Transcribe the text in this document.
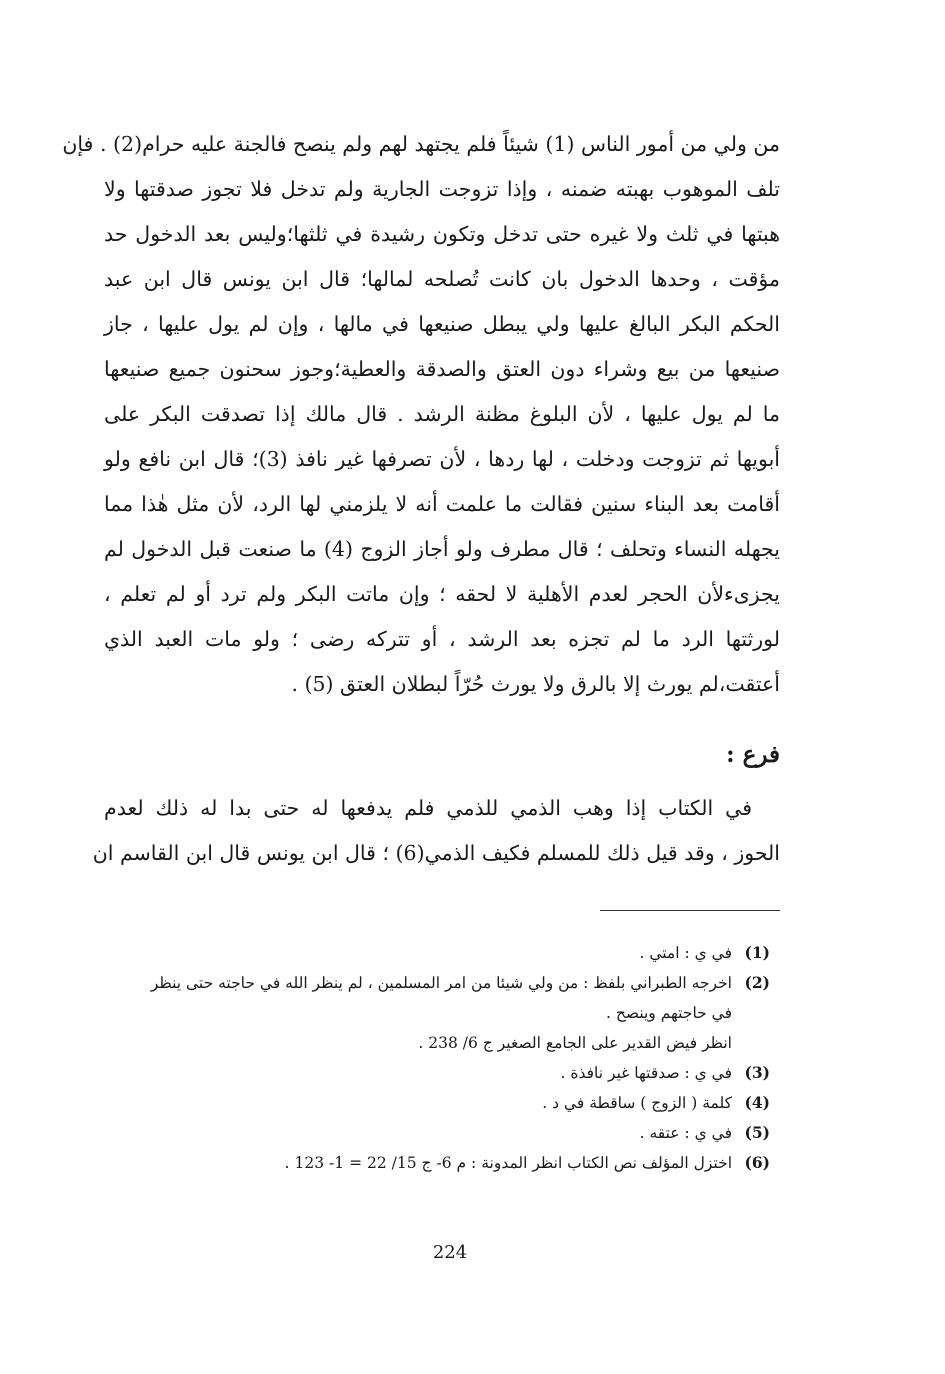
من ولي من أمور الناس (1) شيئاً فلم يجتهد لهم ولم ينصح فالجنة عليه حرام(2) . فإن
تلف الموهوب بهبته ضمنه ، وإذا تزوجت الجارية ولم تدخل فلا تجوز صدقتها ولا
هبتها في ثلث ولا غيره حتى تدخل وتكون رشيدة في ثلثها؛وليس بعد الدخول حد
مؤقت ، وحدها الدخول بان كانت تُصلحه لمالها؛ قال ابن يونس قال ابن عبد
الحكم البكر البالغ عليها ولي يبطل صنيعها في مالها ، وإن لم يول عليها ، جاز
صنيعها من بيع وشراء دون العتق والصدقة والعطية؛وجوز سحنون جميع صنيعها
ما لم يول عليها ، لأن البلوغ مظنة الرشد . قال مالك إذا تصدقت البكر على
أبويها ثم تزوجت ودخلت ، لها ردها ، لأن تصرفها غير نافذ (3)؛ قال ابن نافع ولو
أقامت بعد البناء سنين فقالت ما علمت أنه لا يلزمني لها الرد، لأن مثل هٰذا مما
يجهله النساء وتحلف ؛ قال مطرف ولو أجاز الزوج (4) ما صنعت قبل الدخول لم
يجزىءلأن الحجر لعدم الأهلية لا لحقه ؛ وإن ماتت البكر ولم ترد أو لم تعلم ،
لورثتها الرد ما لم تجزه بعد الرشد ، أو تتركه رضى ؛ ولو مات العبد الذي
أعتقت،لم يورث إلا بالرق ولا يورث حُرّاً لبطلان العتق (5) .
فرع :
في الكتاب إذا وهب الذمي للذمي فلم يدفعها له حتى بدا له ذلك لعدم
الحوز ، وقد قيل ذلك للمسلم فكيف الذمي(6) ؛ قال ابن يونس قال ابن القاسم ان
(1)
في ي : امتي .
(2)
اخرجه الطبراني بلفظ : من ولي شيئا من امر المسلمين ، لم ينظر الله في حاجته حتى ينظر
في حاجتهم وينصح .
انظر فيض القدير على الجامع الصغير ج 6/ 238 .
(3)
في ي : صدقتها غير نافذة .
(4)
كلمة ( الزوج ) ساقطة في د .
(5)
في ي : عتقه .
(6)
اختزل المؤلف نص الكتاب انظر المدونة : م 6- ج 15/ 22 = 1- 123 .
224
